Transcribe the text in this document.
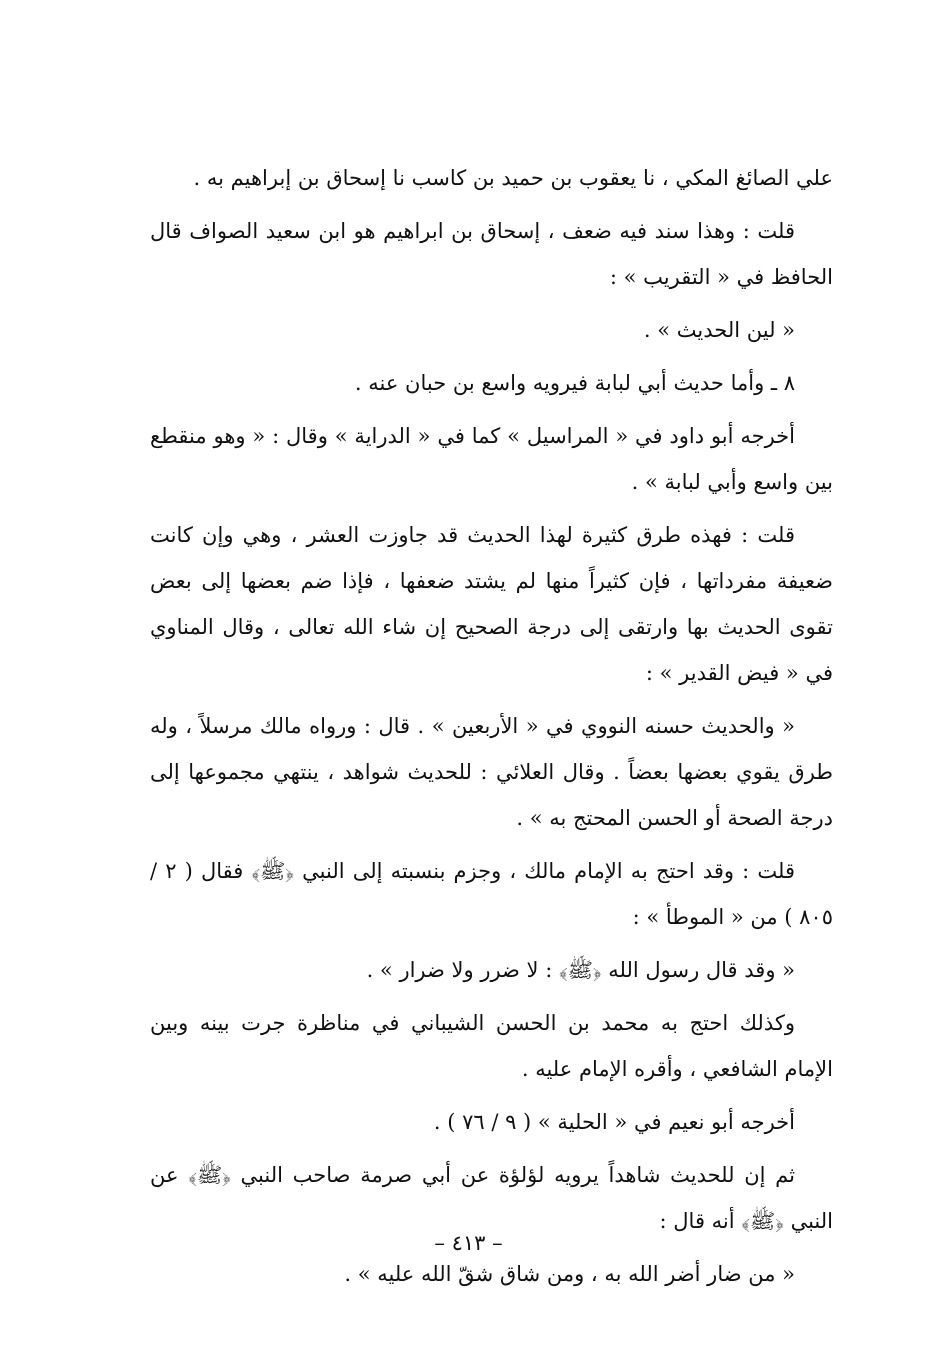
علي الصائغ المكي ، نا يعقوب بن حميد بن كاسب نا إسحاق بن إبراهيم به .

قلت : وهذا سند فيه ضعف ، إسحاق بن ابراهيم هو ابن سعيد الصواف قال الحافظ في « التقريب » :

« لين الحديث » .

٨ ـ وأما حديث أبي لبابة فيرويه واسع بن حبان عنه .

أخرجه أبو داود في « المراسيل » كما في « الدراية » وقال : « وهو منقطع بين واسع وأبي لبابة » .

قلت : فهذه طرق كثيرة لهذا الحديث قد جاوزت العشر ، وهي وإن كانت ضعيفة مفرداتها ، فإن كثيراً منها لم يشتد ضعفها ، فإذا ضم بعضها إلى بعض تقوى الحديث بها وارتقى إلى درجة الصحيح إن شاء الله تعالى ، وقال المناوي في « فيض القدير » :

« والحديث حسنه النووي في « الأربعين » . قال : ورواه مالك مرسلاً ، وله طرق يقوي بعضها بعضاً . وقال العلائي : للحديث شواهد ، ينتهي مجموعها إلى درجة الصحة أو الحسن المحتج به » .

قلت : وقد احتج به الإمام مالك ، وجزم بنسبته إلى النبي ﴿ﷺ﴾ فقال ( ٢ / ٨٠٥ ) من « الموطأ » :

« وقد قال رسول الله ﴿ﷺ﴾ : لا ضرر ولا ضرار » .

وكذلك احتج به محمد بن الحسن الشيباني في مناظرة جرت بينه وبين الإمام الشافعي ، وأقره الإمام عليه .

أخرجه أبو نعيم في « الحلية » ( ٩ / ٧٦ ) .

ثم إن للحديث شاهداً يرويه لؤلؤة عن أبي صرمة صاحب النبي ﴿ﷺ﴾ عن النبي ﴿ﷺ﴾ أنه قال :

« من ضار أضر الله به ، ومن شاق شقّ الله عليه » .

– ٤١٣ –
